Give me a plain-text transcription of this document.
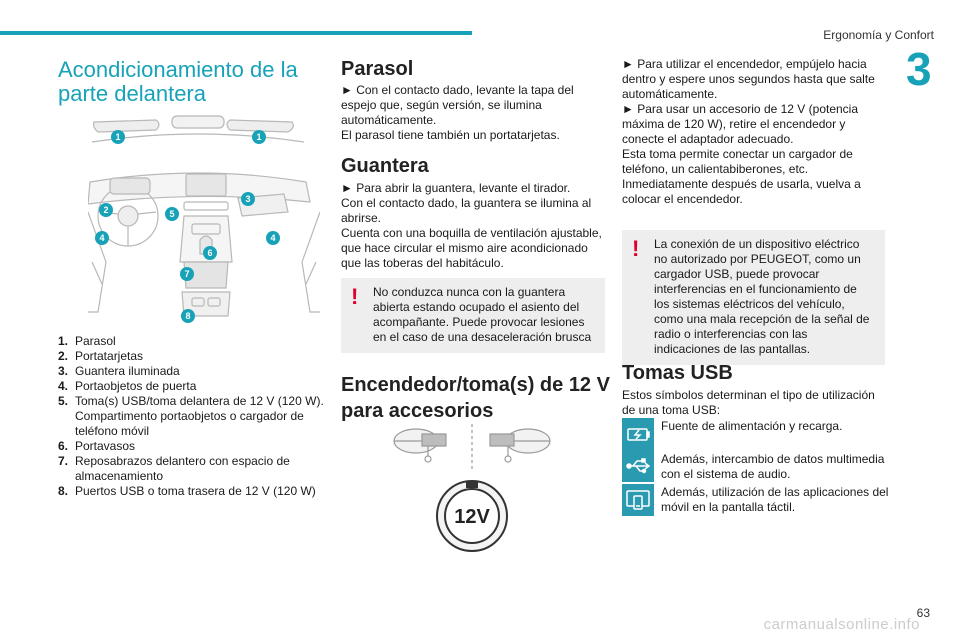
Ergonomía y Confort
3
Acondicionamiento de la parte delantera
1	1
2
3
4	4
5
6
7
8
1. Parasol
2. Portatarjetas
3. Guantera iluminada
4. Portaobjetos de puerta
5. Toma(s) USB/toma delantera de 12 V (120 W).
Compartimento portaobjetos o cargador de teléfono móvil
6. Portavasos
7. Reposabrazos delantero con espacio de almacenamiento
8. Puertos USB o toma trasera de 12 V (120 W)
Parasol
► Con el contacto dado, levante la tapa del espejo que, según versión, se ilumina automáticamente.
El parasol tiene también un portatarjetas.
Guantera
► Para abrir la guantera, levante el tirador.
Con el contacto dado, la guantera se ilumina al abrirse.
Cuenta con una boquilla de ventilación ajustable, que hace circular el mismo aire acondicionado que las toberas del habitáculo.
!	No conduzca nunca con la guantera abierta estando ocupado el asiento del acompañante. Puede provocar lesiones en el caso de una desaceleración brusca
Encendedor/toma(s) de 12 V para accesorios
12V
► Para utilizar el encendedor, empújelo hacia dentro y espere unos segundos hasta que salte automáticamente.
► Para usar un accesorio de 12 V (potencia máxima de 120 W), retire el encendedor y conecte el adaptador adecuado.
Esta toma permite conectar un cargador de teléfono, un calientabiberones, etc.
Inmediatamente después de usarla, vuelva a colocar el encendedor.
!	La conexión de un dispositivo eléctrico no autorizado por PEUGEOT, como un cargador USB, puede provocar interferencias en el funcionamiento de los sistemas eléctricos del vehículo, como una mala recepción de la señal de radio o interferencias con las indicaciones de las pantallas.
Tomas USB
Estos símbolos determinan el tipo de utilización de una toma USB:
Fuente de alimentación y recarga.
Además, intercambio de datos multimedia con el sistema de audio.
Además, utilización de las aplicaciones del móvil en la pantalla táctil.
63
carmanualsonline.info
